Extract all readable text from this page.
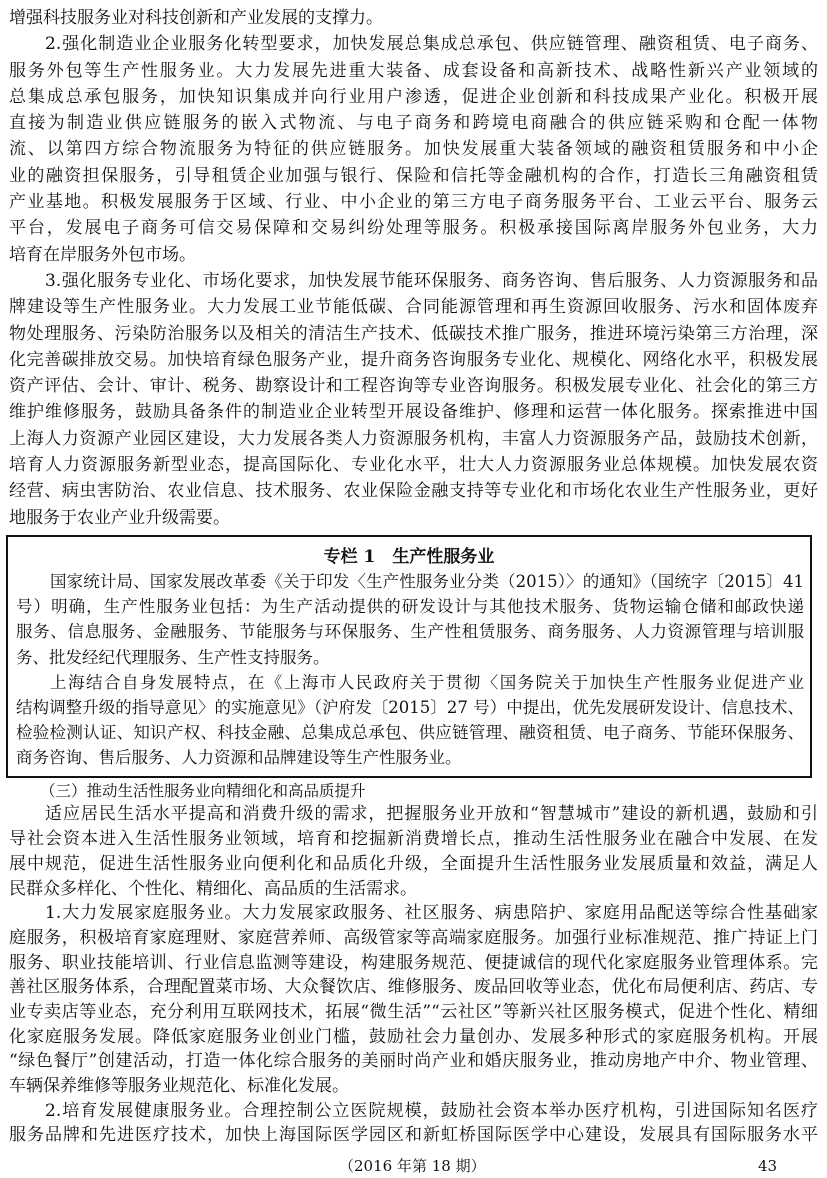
增强科技服务业对科技创新和产业发展的支撑力。
2.强化制造业企业服务化转型要求，加快发展总集成总承包、供应链管理、融资租赁、电子商务、
服务外包等生产性服务业。大力发展先进重大装备、成套设备和高新技术、战略性新兴产业领域的
总集成总承包服务，加快知识集成并向行业用户渗透，促进企业创新和科技成果产业化。积极开展
直接为制造业供应链服务的嵌入式物流、与电子商务和跨境电商融合的供应链采购和仓配一体物
流、以第四方综合物流服务为特征的供应链服务。加快发展重大装备领域的融资租赁服务和中小企
业的融资担保服务，引导租赁企业加强与银行、保险和信托等金融机构的合作，打造长三角融资租赁
产业基地。积极发展服务于区域、行业、中小企业的第三方电子商务服务平台、工业云平台、服务云
平台，发展电子商务可信交易保障和交易纠纷处理等服务。积极承接国际离岸服务外包业务，大力
培育在岸服务外包市场。
3.强化服务专业化、市场化要求，加快发展节能环保服务、商务咨询、售后服务、人力资源服务和品
牌建设等生产性服务业。大力发展工业节能低碳、合同能源管理和再生资源回收服务、污水和固体废弃
物处理服务、污染防治服务以及相关的清洁生产技术、低碳技术推广服务，推进环境污染第三方治理，深
化完善碳排放交易。加快培育绿色服务产业，提升商务咨询服务专业化、规模化、网络化水平，积极发展
资产评估、会计、审计、税务、勘察设计和工程咨询等专业咨询服务。积极发展专业化、社会化的第三方
维护维修服务，鼓励具备条件的制造业企业转型开展设备维护、修理和运营一体化服务。探索推进中国
上海人力资源产业园区建设，大力发展各类人力资源服务机构，丰富人力资源服务产品，鼓励技术创新，
培育人力资源服务新型业态，提高国际化、专业化水平，壮大人力资源服务业总体规模。加快发展农资
经营、病虫害防治、农业信息、技术服务、农业保险金融支持等专业化和市场化农业生产性服务业，更好
地服务于农业产业升级需要。
专栏 1　生产性服务业
国家统计局、国家发展改革委《关于印发〈生产性服务业分类（2015）〉的通知》（国统字〔2015〕41
号）明确，生产性服务业包括：为生产活动提供的研发设计与其他技术服务、货物运输仓储和邮政快递
服务、信息服务、金融服务、节能服务与环保服务、生产性租赁服务、商务服务、人力资源管理与培训服
务、批发经纪代理服务、生产性支持服务。
上海结合自身发展特点，在《上海市人民政府关于贯彻〈国务院关于加快生产性服务业促进产业
结构调整升级的指导意见〉的实施意见》（沪府发〔2015〕27 号）中提出，优先发展研发设计、信息技术、
检验检测认证、知识产权、科技金融、总集成总承包、供应链管理、融资租赁、电子商务、节能环保服务、
商务咨询、售后服务、人力资源和品牌建设等生产性服务业。
（三）推动生活性服务业向精细化和高品质提升
适应居民生活水平提高和消费升级的需求，把握服务业开放和“智慧城市”建设的新机遇，鼓励和引
导社会资本进入生活性服务业领域，培育和挖掘新消费增长点，推动生活性服务业在融合中发展、在发
展中规范，促进生活性服务业向便利化和品质化升级，全面提升生活性服务业发展质量和效益，满足人
民群众多样化、个性化、精细化、高品质的生活需求。
1.大力发展家庭服务业。大力发展家政服务、社区服务、病患陪护、家庭用品配送等综合性基础家
庭服务，积极培育家庭理财、家庭营养师、高级管家等高端家庭服务。加强行业标准规范、推广持证上门
服务、职业技能培训、行业信息监测等建设，构建服务规范、便捷诚信的现代化家庭服务业管理体系。完
善社区服务体系，合理配置菜市场、大众餐饮店、维修服务、废品回收等业态，优化布局便利店、药店、专
业专卖店等业态，充分利用互联网技术，拓展“微生活”“云社区”等新兴社区服务模式，促进个性化、精细
化家庭服务发展。降低家庭服务业创业门槛，鼓励社会力量创办、发展多种形式的家庭服务机构。开展
“绿色餐厅”创建活动，打造一体化综合服务的美丽时尚产业和婚庆服务业，推动房地产中介、物业管理、
车辆保养维修等服务业规范化、标准化发展。
2.培育发展健康服务业。合理控制公立医院规模，鼓励社会资本举办医疗机构，引进国际知名医疗
服务品牌和先进医疗技术，加快上海国际医学园区和新虹桥国际医学中心建设，发展具有国际服务水平
（2016 年第 18 期）	43
